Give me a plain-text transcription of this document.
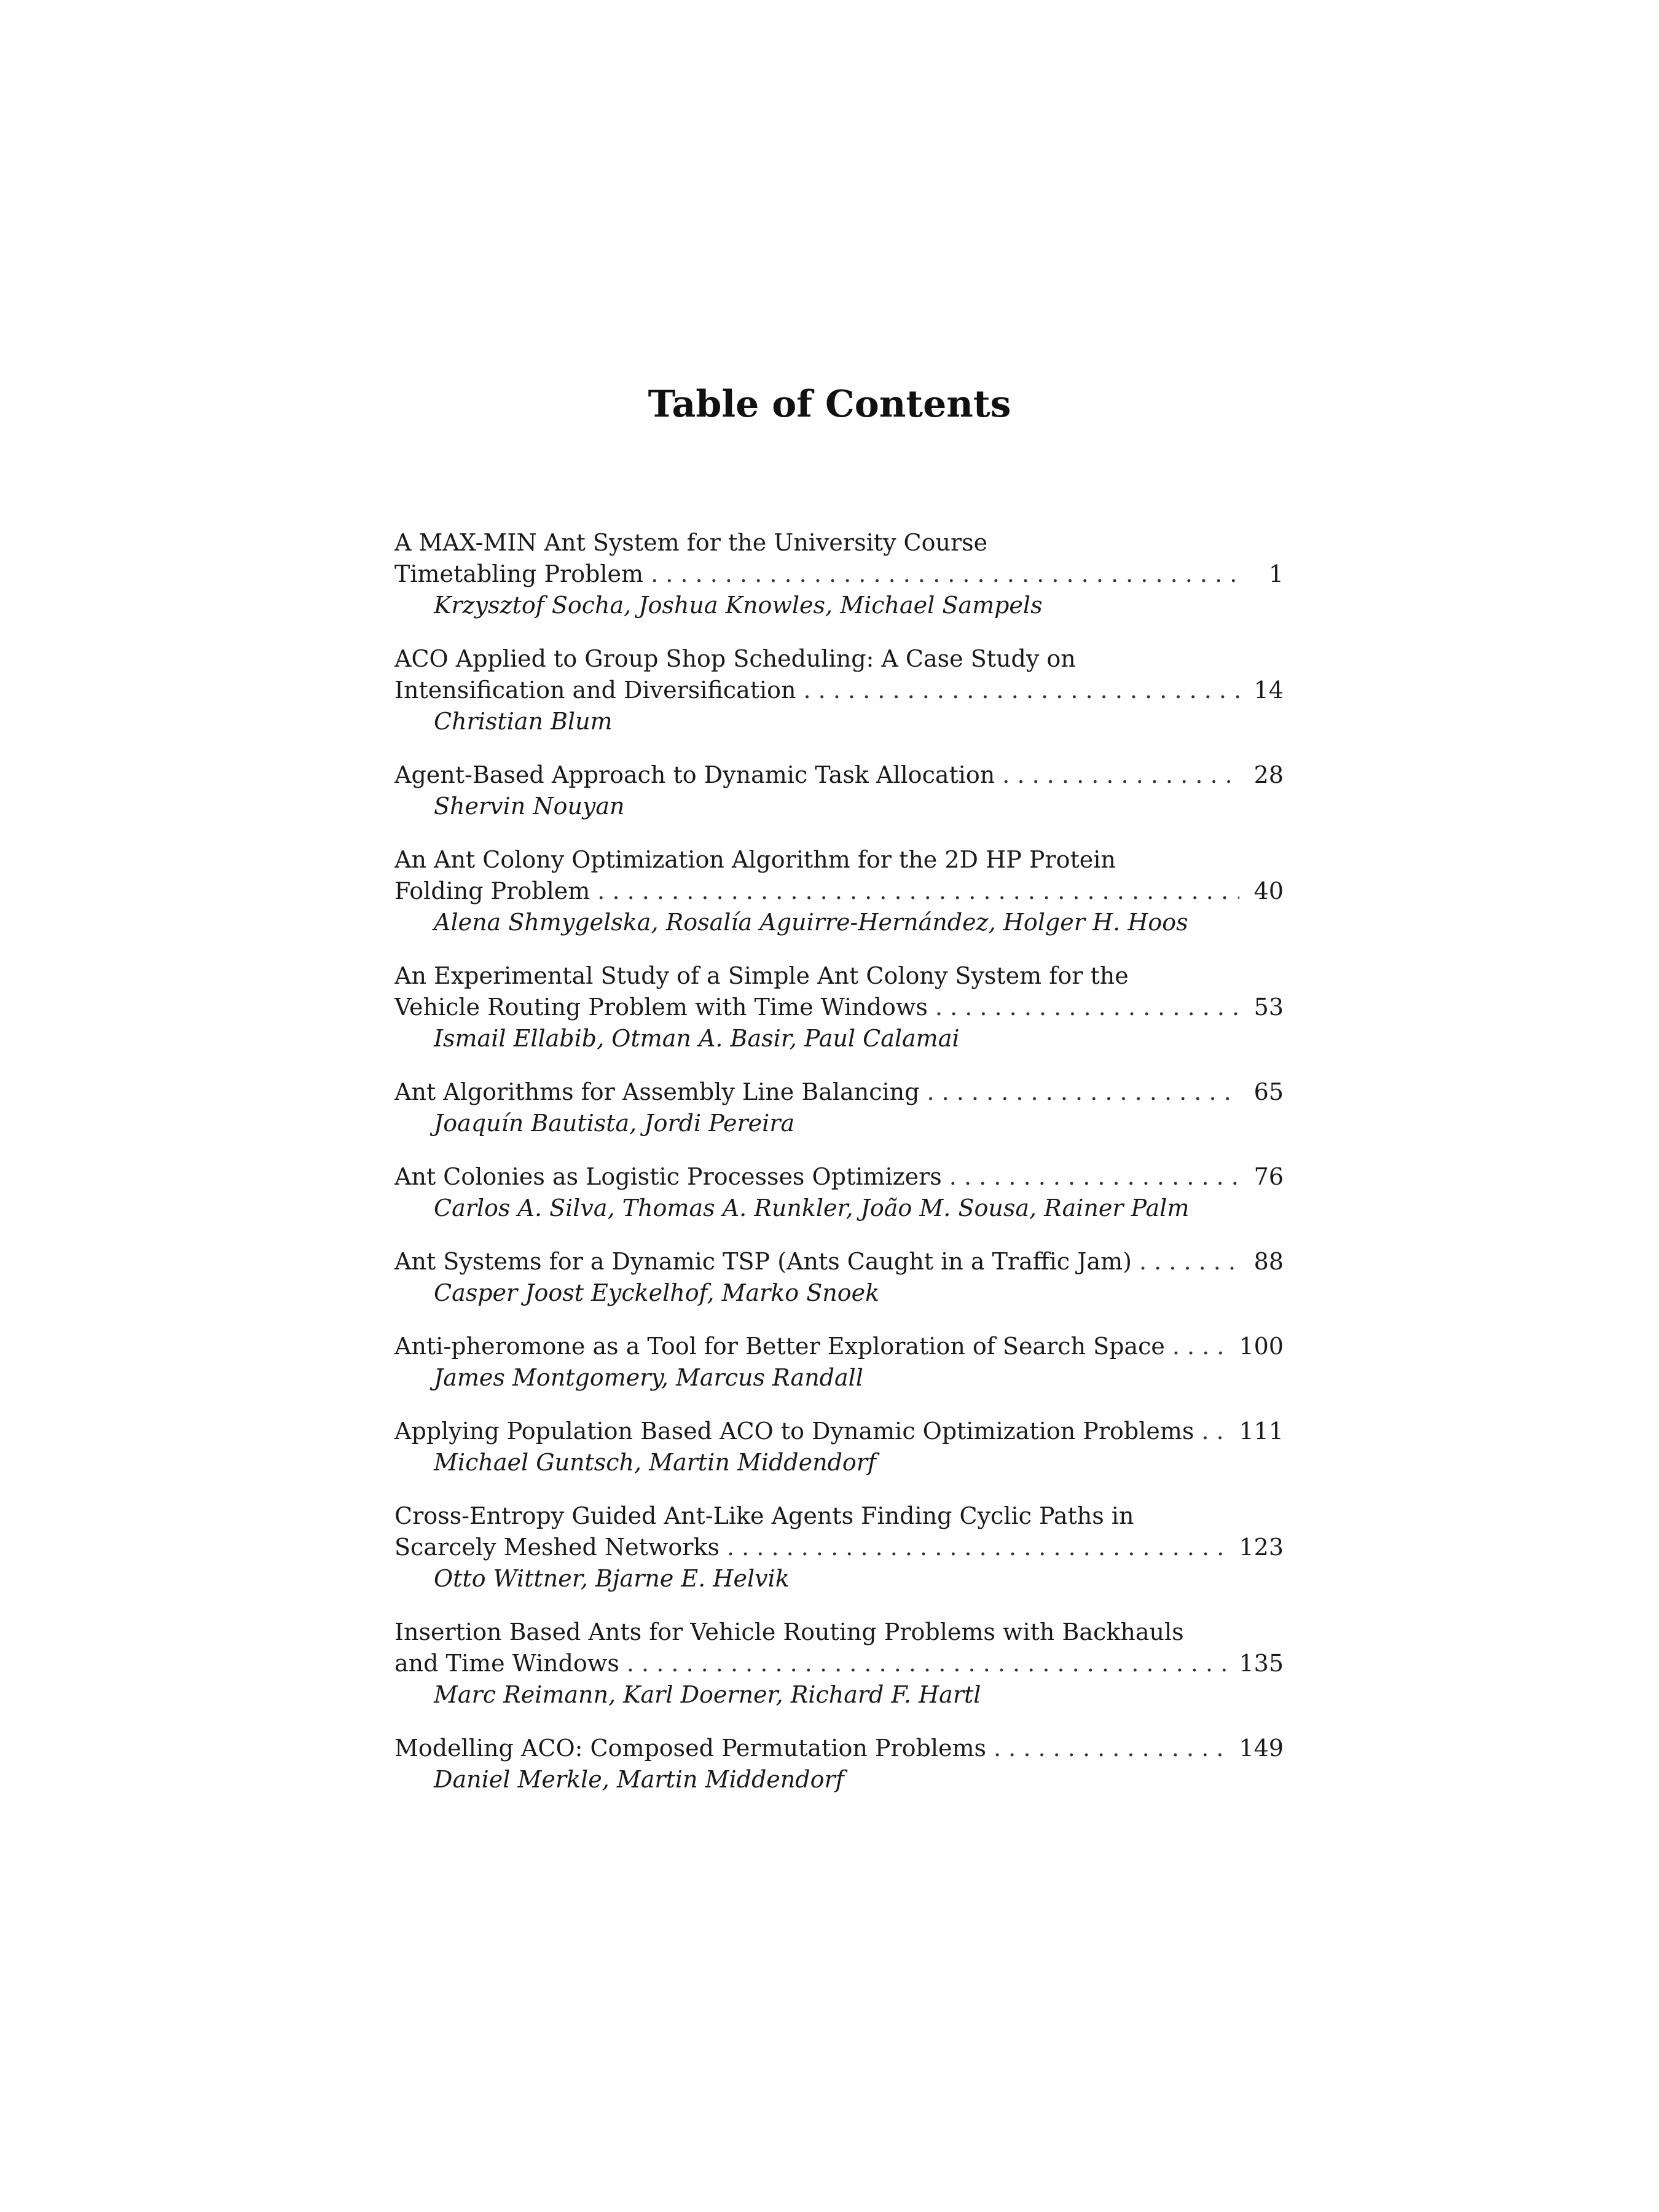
Table of Contents
A MAX-MIN Ant System for the University Course
Timetabling Problem . . .	1
Krzysztof Socha, Joshua Knowles, Michael Sampels
ACO Applied to Group Shop Scheduling: A Case Study on
Intensification and Diversification . . .	14
Christian Blum
Agent-Based Approach to Dynamic Task Allocation . . .	28
Shervin Nouyan
An Ant Colony Optimization Algorithm for the 2D HP Protein
Folding Problem . . .	40
Alena Shmygelska, Rosalía Aguirre-Hernández, Holger H. Hoos
An Experimental Study of a Simple Ant Colony System for the
Vehicle Routing Problem with Time Windows . . .	53
Ismail Ellabib, Otman A. Basir, Paul Calamai
Ant Algorithms for Assembly Line Balancing . . .	65
Joaquín Bautista, Jordi Pereira
Ant Colonies as Logistic Processes Optimizers . . .	76
Carlos A. Silva, Thomas A. Runkler, João M. Sousa, Rainer Palm
Ant Systems for a Dynamic TSP (Ants Caught in a Traffic Jam) . . .	88
Casper Joost Eyckelhof, Marko Snoek
Anti-pheromone as a Tool for Better Exploration of Search Space . . .	100
James Montgomery, Marcus Randall
Applying Population Based ACO to Dynamic Optimization Problems . . . 111
Michael Guntsch, Martin Middendorf
Cross-Entropy Guided Ant-Like Agents Finding Cyclic Paths in
Scarcely Meshed Networks . . .	123
Otto Wittner, Bjarne E. Helvik
Insertion Based Ants for Vehicle Routing Problems with Backhauls
and Time Windows . . .	135
Marc Reimann, Karl Doerner, Richard F. Hartl
Modelling ACO: Composed Permutation Problems . . .	149
Daniel Merkle, Martin Middendorf
